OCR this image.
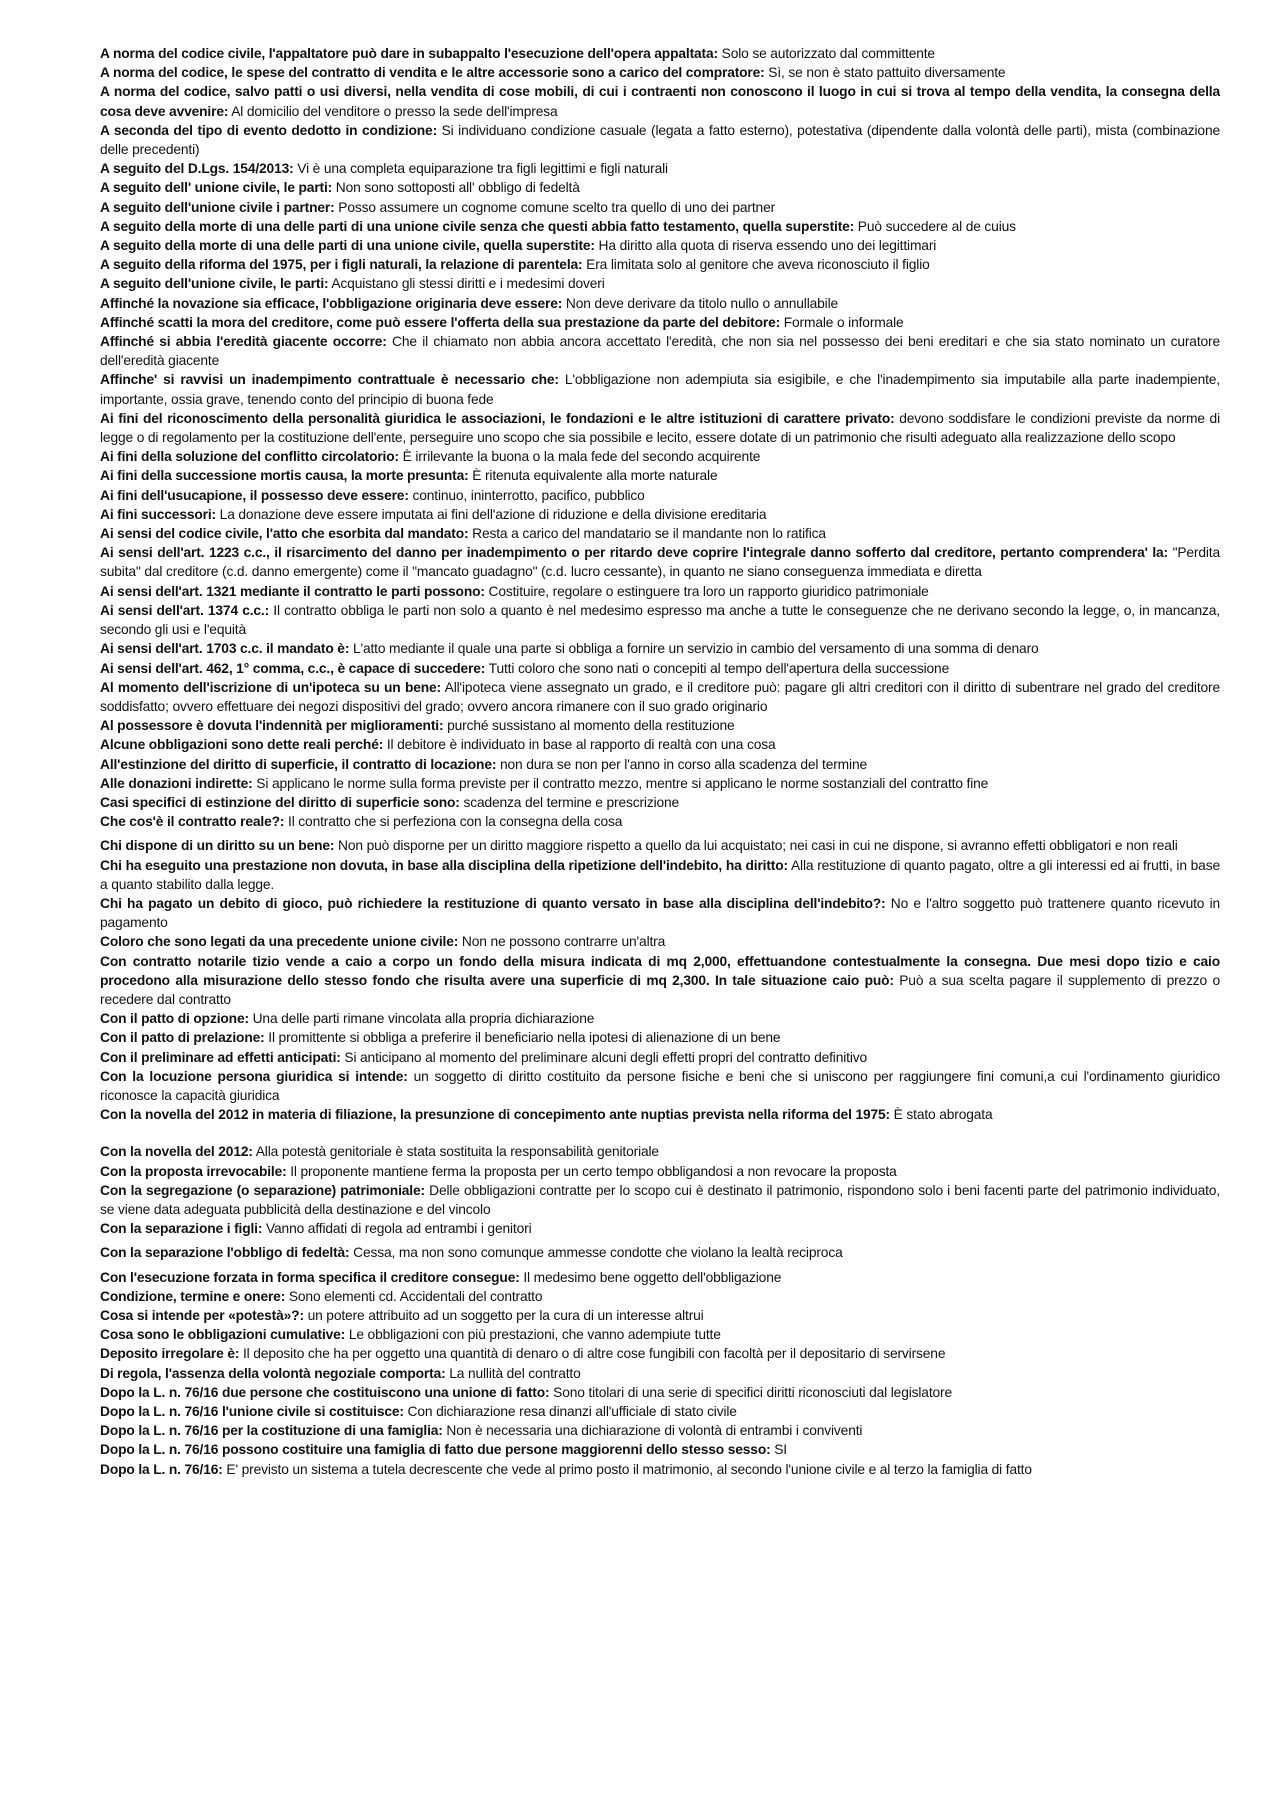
A norma del codice civile, l'appaltatore può dare in subappalto l'esecuzione dell'opera appaltata: Solo se autorizzato dal committente

A norma del codice, le spese del contratto di vendita e le altre accessorie sono a carico del compratore: Sì, se non è stato pattuito diversamente

A norma del codice, salvo patti o usi diversi, nella vendita di cose mobili, di cui i contraenti non conoscono il luogo in cui si trova al tempo della vendita, la consegna della cosa deve avvenire: Al domicilio del venditore o presso la sede dell'impresa

A seconda del tipo di evento dedotto in condizione: Si individuano condizione casuale (legata a fatto esterno), potestativa (dipendente dalla volontà delle parti), mista (combinazione delle precedenti)

A seguito del D.Lgs. 154/2013: Vi è una completa equiparazione tra figli legittimi e figli naturali

A seguito dell' unione civile, le parti: Non sono sottoposti all' obbligo di fedeltà

A seguito dell'unione civile i partner: Posso assumere un cognome comune scelto tra quello di uno dei partner

A seguito della morte di una delle parti di una unione civile senza che questi abbia fatto testamento, quella superstite: Può succedere al de cuius

A seguito della morte di una delle parti di una unione civile, quella superstite: Ha diritto alla quota di riserva essendo uno dei legittimari

A seguito della riforma del 1975, per i figli naturali, la relazione di parentela: Era limitata solo al genitore che aveva riconosciuto il figlio

A seguito dell'unione civile, le parti: Acquistano gli stessi diritti e i medesimi doveri

Affinché la novazione sia efficace, l'obbligazione originaria deve essere: Non deve derivare da titolo nullo o annullabile

Affinché scatti la mora del creditore, come può essere l'offerta della sua prestazione da parte del debitore: Formale o informale

Affinché si abbia l'eredità giacente occorre: Che il chiamato non abbia ancora accettato l'eredità, che non sia nel possesso dei beni ereditari e che sia stato nominato un curatore dell'eredità giacente

Affinche' si ravvisi un inadempimento contrattuale è necessario che: L'obbligazione non adempiuta sia esigibile, e che l'inadempimento sia imputabile alla parte inadempiente, importante, ossia grave, tenendo conto del principio di buona fede

Ai fini del riconoscimento della personalità giuridica le associazioni, le fondazioni e le altre istituzioni di carattere privato: devono soddisfare le condizioni previste da norme di legge o di regolamento per la costituzione dell'ente, perseguire uno scopo che sia possibile e lecito, essere dotate di un patrimonio che risulti adeguato alla realizzazione dello scopo

Ai fini della soluzione del conflitto circolatorio: È irrilevante la buona o la mala fede del secondo acquirente

Ai fini della successione mortis causa, la morte presunta: È ritenuta equivalente alla morte naturale

Ai fini dell'usucapione, il possesso deve essere: continuo, ininterrotto, pacifico, pubblico

Ai fini successori: La donazione deve essere imputata ai fini dell'azione di riduzione e della divisione ereditaria

Ai sensi del codice civile, l'atto che esorbita dal mandato: Resta a carico del mandatario se il mandante non lo ratifica

Ai sensi dell'art. 1223 c.c., il risarcimento del danno per inadempimento o per ritardo deve coprire l'integrale danno sofferto dal creditore, pertanto comprendera' la: "Perdita subita" dal creditore (c.d. danno emergente) come il "mancato guadagno" (c.d. lucro cessante), in quanto ne siano conseguenza immediata e diretta

Ai sensi dell'art. 1321 mediante il contratto le parti possono: Costituire, regolare o estinguere tra loro un rapporto giuridico patrimoniale

Ai sensi dell'art. 1374 c.c.: Il contratto obbliga le parti non solo a quanto è nel medesimo espresso ma anche a tutte le conseguenze che ne derivano secondo la legge, o, in mancanza, secondo gli usi e l'equità

Ai sensi dell'art. 1703 c.c. il mandato è: L'atto mediante il quale una parte si obbliga a fornire un servizio in cambio del versamento di una somma di denaro

Ai sensi dell'art. 462, 1° comma, c.c., è capace di succedere: Tutti coloro che sono nati o concepiti al tempo dell'apertura della successione

Al momento dell'iscrizione di un'ipoteca su un bene: All'ipoteca viene assegnato un grado, e il creditore può: pagare gli altri creditori con il diritto di subentrare nel grado del creditore soddisfatto; ovvero effettuare dei negozi dispositivi del grado; ovvero ancora rimanere con il suo grado originario

Al possessore è dovuta l'indennità per miglioramenti: purché sussistano al momento della restituzione

Alcune obbligazioni sono dette reali perché: Il debitore è individuato in base al rapporto di realtà con una cosa

All'estinzione del diritto di superficie, il contratto di locazione: non dura se non per l'anno in corso alla scadenza del termine

Alle donazioni indirette: Si applicano le norme sulla forma previste per il contratto mezzo, mentre si applicano le norme sostanziali del contratto fine

Casi specifici di estinzione del diritto di superficie sono: scadenza del termine e prescrizione

Che cos'è il contratto reale?: Il contratto che si perfeziona con la consegna della cosa

Chi dispone di un diritto su un bene: Non può disporne per un diritto maggiore rispetto a quello da lui acquistato; nei casi in cui ne dispone, si avranno effetti obbligatori e non reali

Chi ha eseguito una prestazione non dovuta, in base alla disciplina della ripetizione dell'indebito, ha diritto: Alla restituzione di quanto pagato, oltre a gli interessi ed ai frutti, in base a quanto stabilito dalla legge.

Chi ha pagato un debito di gioco, può richiedere la restituzione di quanto versato in base alla disciplina dell'indebito?: No e l'altro soggetto può trattenere quanto ricevuto in pagamento

Coloro che sono legati da una precedente unione civile: Non ne possono contrarre un'altra

Con contratto notarile tizio vende a caio a corpo un fondo della misura indicata di mq 2,000, effettuandone contestualmente la consegna. Due mesi dopo tizio e caio procedono alla misurazione dello stesso fondo che risulta avere una superficie di mq 2,300. In tale situazione caio può: Può a sua scelta pagare il supplemento di prezzo o recedere dal contratto

Con il patto di opzione: Una delle parti rimane vincolata alla propria dichiarazione

Con il patto di prelazione: Il promittente si obbliga a preferire il beneficiario nella ipotesi di alienazione di un bene

Con il preliminare ad effetti anticipati: Si anticipano al momento del preliminare alcuni degli effetti propri del contratto definitivo

Con la locuzione persona giuridica si intende: un soggetto di diritto costituito da persone fisiche e beni che si uniscono per raggiungere fini comuni,a cui l'ordinamento giuridico riconosce la capacità giuridica

Con la novella del 2012 in materia di filiazione, la presunzione di concepimento ante nuptias prevista nella riforma del 1975: È stato abrogata

Con la novella del 2012: Alla potestà genitoriale è stata sostituita la responsabilità genitoriale

Con la proposta irrevocabile: Il proponente mantiene ferma la proposta per un certo tempo obbligandosi a non revocare la proposta

Con la segregazione (o separazione) patrimoniale: Delle obbligazioni contratte per lo scopo cui è destinato il patrimonio, rispondono solo i beni facenti parte del patrimonio individuato, se viene data adeguata pubblicità della destinazione e del vincolo

Con la separazione i figli: Vanno affidati di regola ad entrambi i genitori

Con la separazione l'obbligo di fedeltà: Cessa, ma non sono comunque ammesse condotte che violano la lealtà reciproca

Con l'esecuzione forzata in forma specifica il creditore consegue: Il medesimo bene oggetto dell'obbligazione

Condizione, termine e onere: Sono elementi cd. Accidentali del contratto

Cosa si intende per «potestà»?: un potere attribuito ad un soggetto per la cura di un interesse altrui

Cosa sono le obbligazioni cumulative: Le obbligazioni con più prestazioni, che vanno adempiute tutte

Deposito irregolare è: Il deposito che ha per oggetto una quantità di denaro o di altre cose fungibili con facoltà per il depositario di servirsene

Di regola, l'assenza della volontà negoziale comporta: La nullità del contratto

Dopo la L. n. 76/16 due persone che costituiscono una unione di fatto: Sono titolari di una serie di specifici diritti riconosciuti dal legislatore

Dopo la L. n. 76/16 l'unione civile si costituisce: Con dichiarazione resa dinanzi all'ufficiale di stato civile

Dopo la L. n. 76/16 per la costituzione di una famiglia: Non è necessaria una dichiarazione di volontà di entrambi i conviventi

Dopo la L. n. 76/16 possono costituire una famiglia di fatto due persone maggiorenni dello stesso sesso: SI

Dopo la L. n. 76/16: E' previsto un sistema a tutela decrescente che vede al primo posto il matrimonio, al secondo l'unione civile e al terzo la famiglia di fatto
